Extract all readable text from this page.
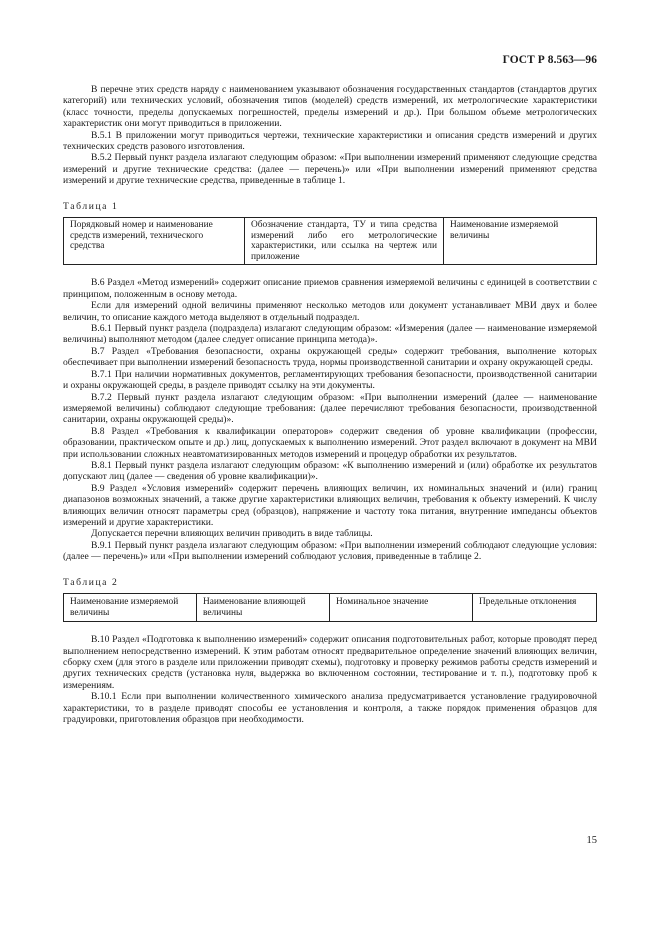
ГОСТ Р 8.563—96

В перечне этих средств наряду с наименованием указывают обозначения государственных стандартов (стандартов других категорий) или технических условий, обозначения типов (моделей) средств измерений, их метрологические характеристики (класс точности, пределы допускаемых погрешностей, пределы измерений и др.). При большом объеме метрологических характеристик они могут приводиться в приложении.

В.5.1 В приложении могут приводиться чертежи, технические характеристики и описания средств измерений и других технических средств разового изготовления.

В.5.2 Первый пункт раздела излагают следующим образом: «При выполнении измерений применяют следующие средства измерений и другие технические средства: (далее — перечень)» или «При выполнении измерений применяют средства измерений и другие технические средства, приведенные в таблице 1.

Таблица 1

Порядковый номер и наименование средств измерений, технического средства	Обозначение стандарта, ТУ и типа средства измерений либо его метрологические характеристики, или ссылка на чертеж или приложение	Наименование измеряемой величины

В.6 Раздел «Метод измерений» содержит описание приемов сравнения измеряемой величины с единицей в соответствии с принципом, положенным в основу метода.

Если для измерений одной величины применяют несколько методов или документ устанавливает МВИ двух и более величин, то описание каждого метода выделяют в отдельный подраздел.

В.6.1 Первый пункт раздела (подраздела) излагают следующим образом: «Измерения (далее — наименование измеряемой величины) выполняют методом (далее следует описание принципа метода)».

В.7 Раздел «Требования безопасности, охраны окружающей среды» содержит требования, выполнение которых обеспечивает при выполнении измерений безопасность труда, нормы производственной санитарии и охрану окружающей среды.

В.7.1 При наличии нормативных документов, регламентирующих требования безопасности, производственной санитарии и охраны окружающей среды, в разделе приводят ссылку на эти документы.

В.7.2 Первый пункт раздела излагают следующим образом: «При выполнении измерений (далее — наименование измеряемой величины) соблюдают следующие требования: (далее перечисляют требования безопасности, производственной санитарии, охраны окружающей среды)».

В.8 Раздел «Требования к квалификации операторов» содержит сведения об уровне квалификации (профессии, образовании, практическом опыте и др.) лиц, допускаемых к выполнению измерений. Этот раздел включают в документ на МВИ при использовании сложных неавтоматизированных методов измерений и процедур обработки их результатов.

В.8.1 Первый пункт раздела излагают следующим образом: «К выполнению измерений и (или) обработке их результатов допускают лиц (далее — сведения об уровне квалификации)».

В.9 Раздел «Условия измерений» содержит перечень влияющих величин, их номинальных значений и (или) границ диапазонов возможных значений, а также другие характеристики влияющих величин, требования к объекту измерений. К числу влияющих величин относят параметры сред (образцов), напряжение и частоту тока питания, внутренние импедансы объектов измерений и другие характеристики.

Допускается перечни влияющих величин приводить в виде таблицы.

В.9.1 Первый пункт раздела излагают следующим образом: «При выполнении измерений соблюдают следующие условия: (далее — перечень)» или «При выполнении измерений соблюдают условия, приведенные в таблице 2.

Таблица 2

Наименование измеряемой величины	Наименование влияющей величины	Номинальное значение	Предельные отклонения

В.10 Раздел «Подготовка к выполнению измерений» содержит описания подготовительных работ, которые проводят перед выполнением непосредственно измерений. К этим работам относят предварительное определение значений влияющих величин, сборку схем (для этого в разделе или приложении приводят схемы), подготовку и проверку режимов работы средств измерений и других технических средств (установка нуля, выдержка во включенном состоянии, тестирование и т. п.), подготовку проб к измерениям.

В.10.1 Если при выполнении количественного химического анализа предусматривается установление градуировочной характеристики, то в разделе приводят способы ее установления и контроля, а также порядок применения образцов для градуировки, приготовления образцов при необходимости.

15
